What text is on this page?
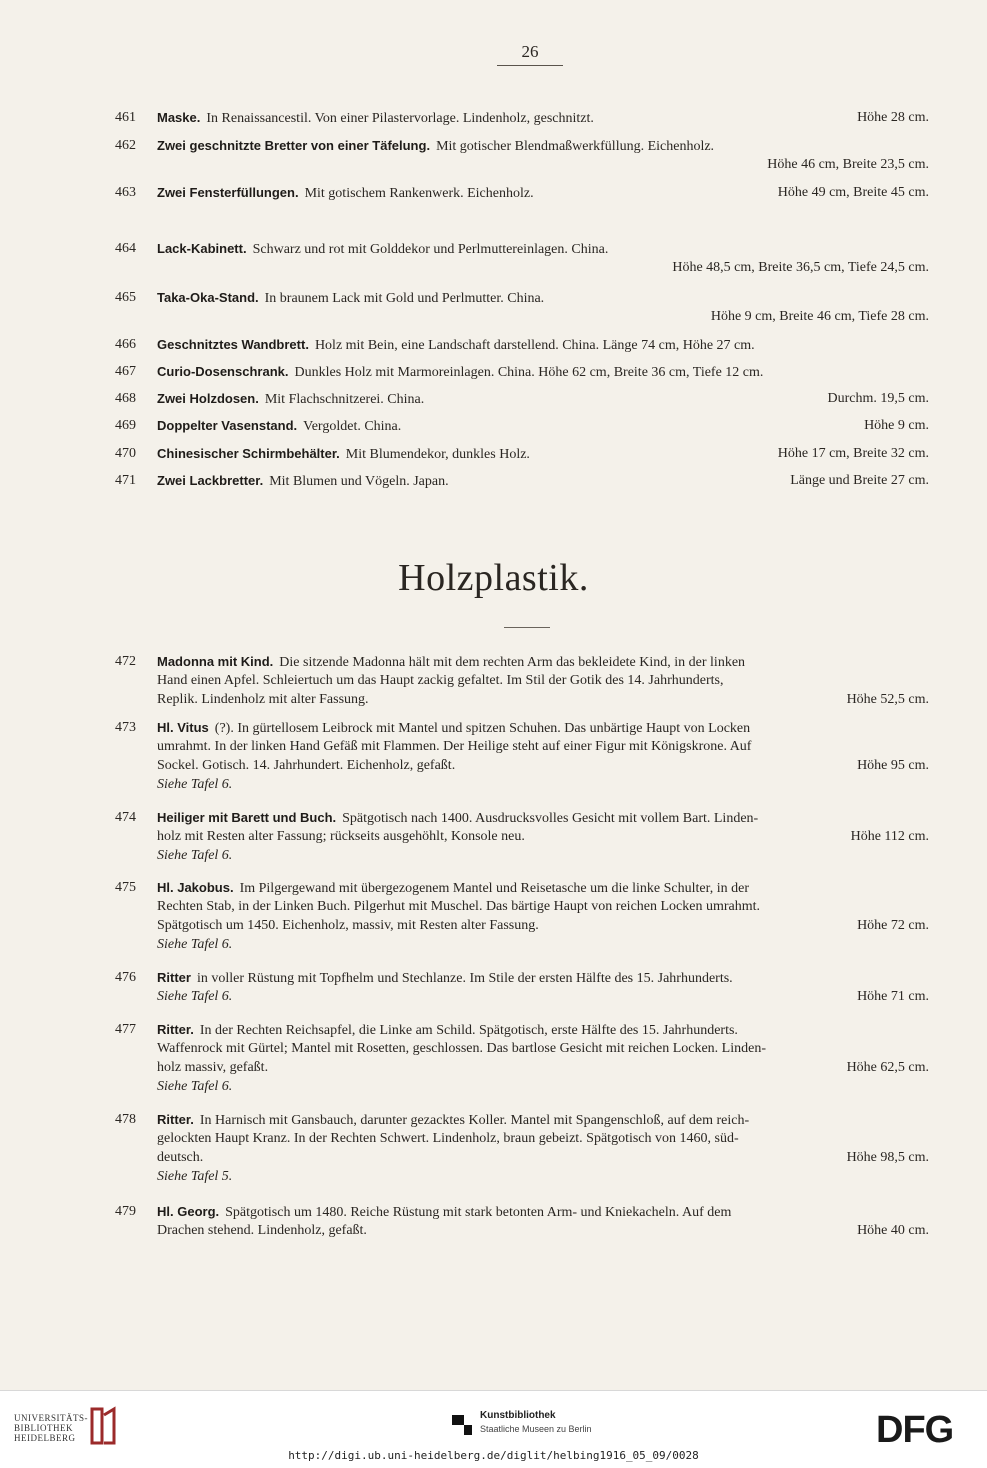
26
461	Maske. In Renaissancestil. Von einer Pilastervorlage. Lindenholz, geschnitzt.	Höhe 28 cm.
462	Zwei geschnitzte Bretter von einer Täfelung. Mit gotischer Blendmaßwerkfüllung. Eichenholz.
Höhe 46 cm, Breite 23,5 cm.
463	Zwei Fensterfüllungen. Mit gotischem Rankenwerk. Eichenholz.	Höhe 49 cm, Breite 45 cm.
464	Lack-Kabinett. Schwarz und rot mit Golddekor und Perlmuttereinlagen. China.
Höhe 48,5 cm, Breite 36,5 cm, Tiefe 24,5 cm.
465	Taka-Oka-Stand. In braunem Lack mit Gold und Perlmutter. China.
Höhe 9 cm, Breite 46 cm, Tiefe 28 cm.
466	Geschnitztes Wandbrett. Holz mit Bein, eine Landschaft darstellend. China. Länge 74 cm, Höhe 27 cm.
467	Curio-Dosenschrank. Dunkles Holz mit Marmoreinlagen. China. Höhe 62 cm, Breite 36 cm, Tiefe 12 cm.
468	Zwei Holzdosen. Mit Flachschnitzerei. China.	Durchm. 19,5 cm.
469	Doppelter Vasenstand. Vergoldet. China.	Höhe 9 cm.
470	Chinesischer Schirmbehälter. Mit Blumendekor, dunkles Holz.	Höhe 17 cm, Breite 32 cm.
471	Zwei Lackbretter. Mit Blumen und Vögeln. Japan.	Länge und Breite 27 cm.
Holzplastik.
472	Madonna mit Kind. Die sitzende Madonna hält mit dem rechten Arm das bekleidete Kind, in der linken
Hand einen Apfel. Schleiertuch um das Haupt zackig gefaltet. Im Stil der Gotik des 14. Jahrhunderts,
Replik. Lindenholz mit alter Fassung.	Höhe 52,5 cm.
473	Hl. Vitus (?). In gürtellosem Leibrock mit Mantel und spitzen Schuhen. Das unbärtige Haupt von Locken
umrahmt. In der linken Hand Gefäß mit Flammen. Der Heilige steht auf einer Figur mit Königskrone. Auf
Sockel. Gotisch. 14. Jahrhundert. Eichenholz, gefaßt.	Höhe 95 cm.
Siehe Tafel 6.
474	Heiliger mit Barett und Buch. Spätgotisch nach 1400. Ausdrucksvolles Gesicht mit vollem Bart. Linden-
holz mit Resten alter Fassung; rückseits ausgehöhlt, Konsole neu.	Höhe 112 cm.
Siehe Tafel 6.
475	Hl. Jakobus. Im Pilgergewand mit übergezogenem Mantel und Reisetasche um die linke Schulter, in der
Rechten Stab, in der Linken Buch. Pilgerhut mit Muschel. Das bärtige Haupt von reichen Locken umrahmt.
Spätgotisch um 1450. Eichenholz, massiv, mit Resten alter Fassung.	Höhe 72 cm.
Siehe Tafel 6.
476	Ritter in voller Rüstung mit Topfhelm und Stechlanze. Im Stile der ersten Hälfte des 15. Jahrhunderts.
Siehe Tafel 6.	Höhe 71 cm.
477	Ritter. In der Rechten Reichsapfel, die Linke am Schild. Spätgotisch, erste Hälfte des 15. Jahrhunderts.
Waffenrock mit Gürtel; Mantel mit Rosetten, geschlossen. Das bartlose Gesicht mit reichen Locken. Linden-
holz massiv, gefaßt.	Höhe 62,5 cm.
Siehe Tafel 6.
478	Ritter. In Harnisch mit Gansbauch, darunter gezacktes Koller. Mantel mit Spangenschloß, auf dem reich-
gelockten Haupt Kranz. In der Rechten Schwert. Lindenholz, braun gebeizt. Spätgotisch von 1460, süd-
deutsch.	Höhe 98,5 cm.
Siehe Tafel 5.
479	Hl. Georg. Spätgotisch um 1480. Reiche Rüstung mit stark betonten Arm- und Kniekacheln. Auf dem
Drachen stehend. Lindenholz, gefaßt.	Höhe 40 cm.
UNIVERSITÄTS-
BIBLIOTHEK
HEIDELBERG
Kunstbibliothek
Staatliche Museen zu Berlin	DFG
http://digi.ub.uni-heidelberg.de/diglit/helbing1916_05_09/0028
